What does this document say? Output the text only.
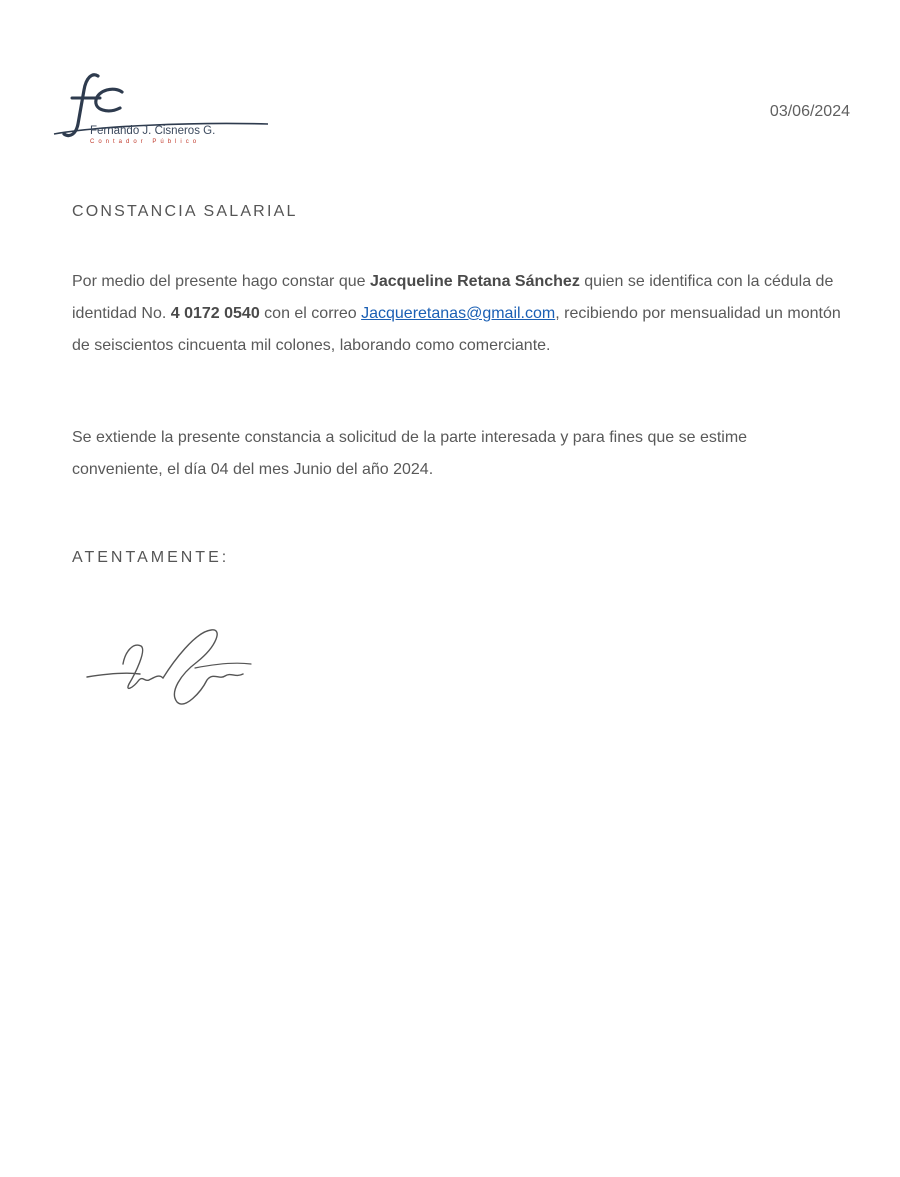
Fernando J. Cisneros G.
Contador Público
03/06/2024
CONSTANCIA SALARIAL

Por medio del presente hago constar que Jacqueline Retana Sánchez quien se identifica con la cédula de identidad No. 4 0172 0540 con el correo Jacqueretanas@gmail.com, recibiendo por mensualidad un montón de seiscientos cincuenta mil colones, laborando como comerciante.

Se extiende la presente constancia a solicitud de la parte interesada y para fines que se estime conveniente, el día 04 del mes Junio del año 2024.

ATENTAMENTE:
